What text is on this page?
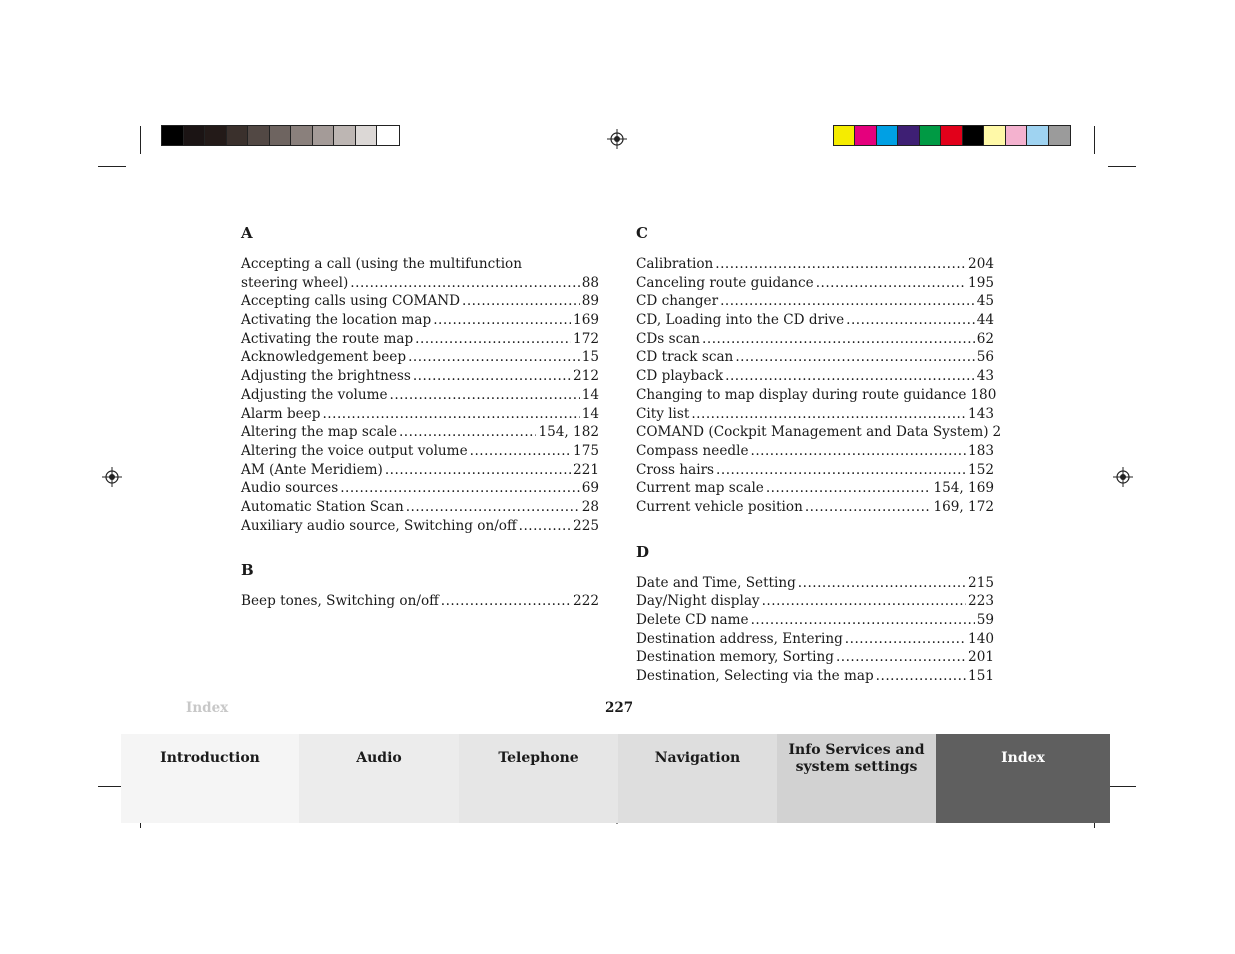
A
Accepting a call (using the multifunction
steering wheel) .....	88
Accepting calls using COMAND .....	89
Activating the location map .....	169
Activating the route map .....	172
Acknowledgement beep .....	15
Adjusting the brightness .....	212
Adjusting the volume .....	14
Alarm beep .....	14
Altering the map scale .....	154, 182
Altering the voice output volume .....	175
AM (Ante Meridiem) .....	221
Audio sources .....	69
Automatic Station Scan .....	28
Auxiliary audio source, Switching on/off .....	225
B
Beep tones, Switching on/off .....	222
C
Calibration .....	204
Canceling route guidance .....	195
CD changer .....	45
CD, Loading into the CD drive .....	44
CDs scan .....	62
CD track scan .....	56
CD playback .....	43
Changing to map display during route guidance 180
City list .....	143
COMAND (Cockpit Management and Data System) 2
Compass needle .....	183
Cross hairs .....	152
Current map scale .....	154, 169
Current vehicle position .....	169, 172
D
Date and Time, Setting .....	215
Day/Night display .....	223
Delete CD name .....	59
Destination address, Entering .....	140
Destination memory, Sorting .....	201
Destination, Selecting via the map .....	151
Index	227
Introduction	Audio	Telephone	Navigation	Info Services and
system settings
Index
